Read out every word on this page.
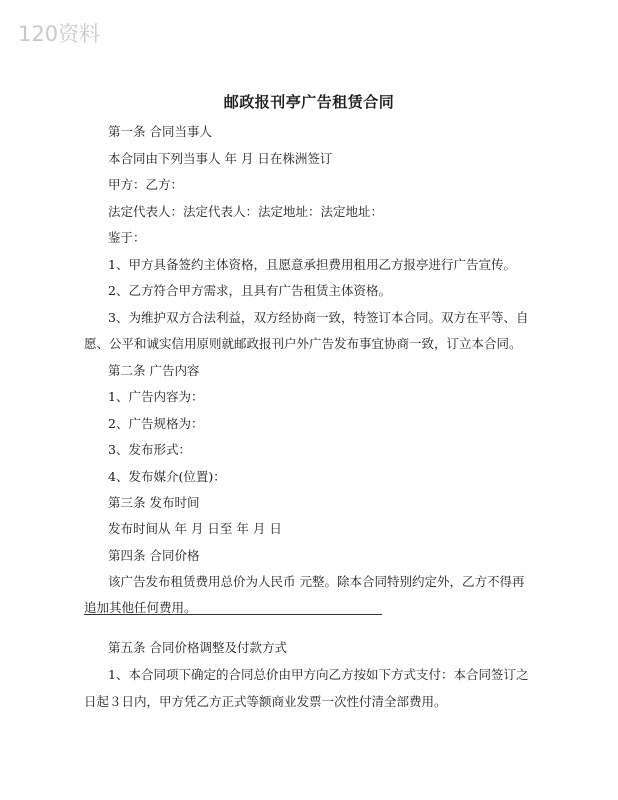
120资料
邮政报刊亭广告租赁合同
第一条 合同当事人
本合同由下列当事人 年 月 日在株洲签订
甲方：乙方：
法定代表人：法定代表人：法定地址：法定地址：
鉴于：
1、甲方具备签约主体资格，且愿意承担费用租用乙方报亭进行广告宣传。
2、乙方符合甲方需求，且具有广告租赁主体资格。
3、为维护双方合法利益，双方经协商一致，特签订本合同。双方在平等、自
愿、公平和诚实信用原则就邮政报刊户外广告发布事宜协商一致，订立本合同。
第二条 广告内容
1、广告内容为：
2、广告规格为：
3、发布形式：
4、发布媒介(位置)：
第三条 发布时间
发布时间从 年 月 日至 年 月 日
第四条 合同价格
该广告发布租赁费用总价为人民币 元整。除本合同特别约定外，乙方不得再
追加其他任何费用。
第五条 合同价格调整及付款方式
1、本合同项下确定的合同总价由甲方向乙方按如下方式支付：本合同签订之
日起３日内，甲方凭乙方正式等额商业发票一次性付清全部费用。
